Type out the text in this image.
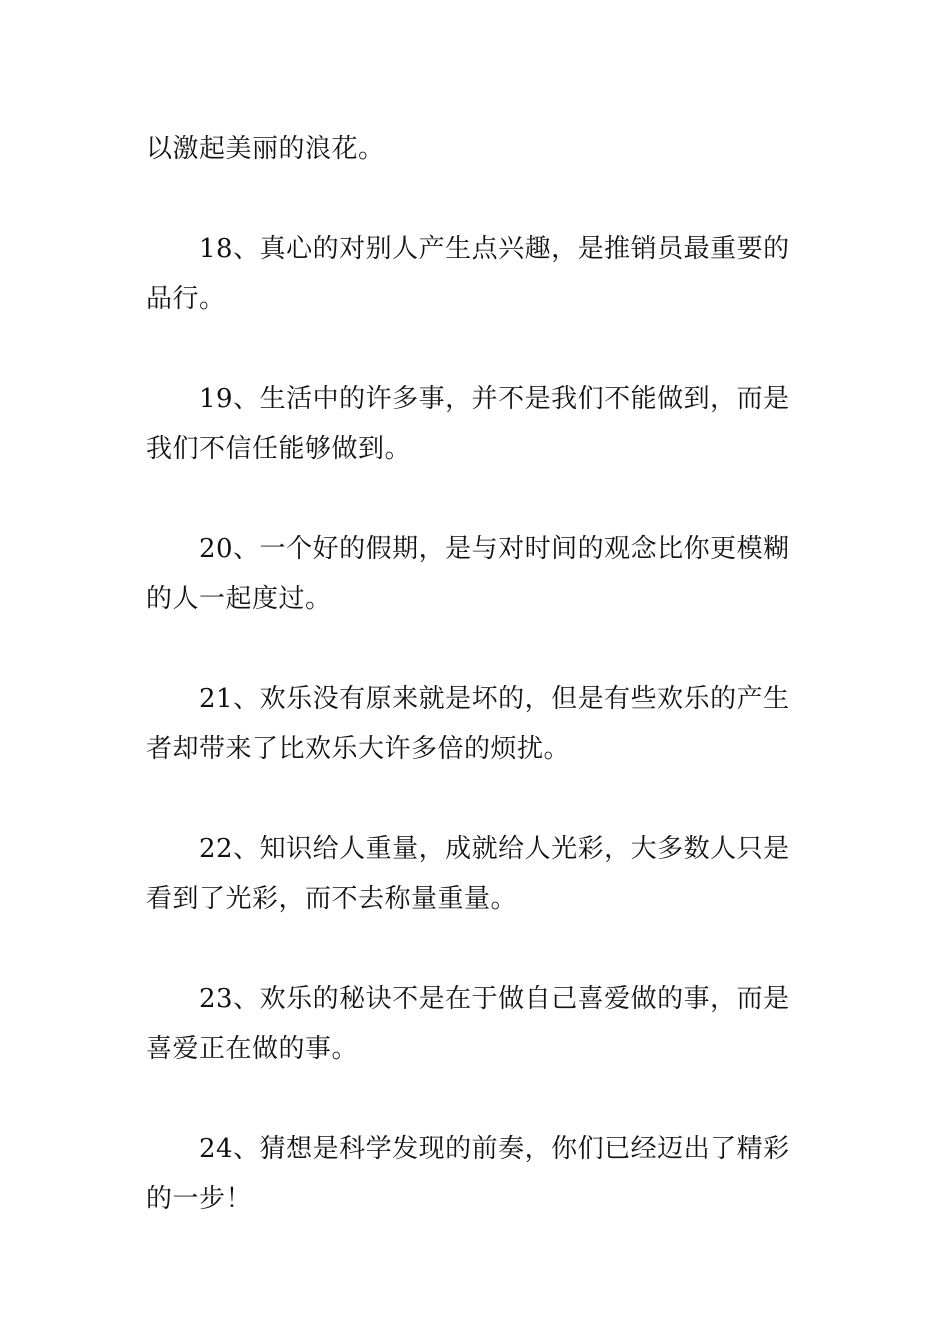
以激起美丽的浪花。
　　18、真心的对别人产生点兴趣，是推销员最重要的品行。
　　19、生活中的许多事，并不是我们不能做到，而是我们不信任能够做到。
　　20、一个好的假期，是与对时间的观念比你更模糊的人一起度过。
　　21、欢乐没有原来就是坏的，但是有些欢乐的产生者却带来了比欢乐大许多倍的烦扰。
　　22、知识给人重量，成就给人光彩，大多数人只是看到了光彩，而不去称量重量。
　　23、欢乐的秘诀不是在于做自己喜爱做的事，而是喜爱正在做的事。
　　24、猜想是科学发现的前奏，你们已经迈出了精彩的一步！
